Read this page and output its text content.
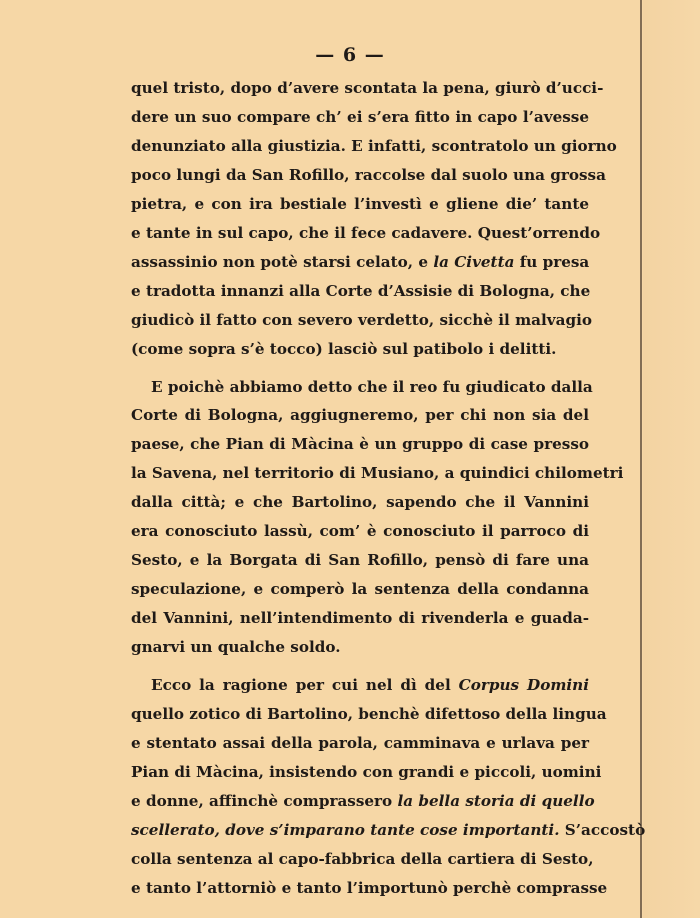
— 6 —
quel tristo, dopo d’avere scontata la pena, giurò d’ucci-
dere un suo compare ch’ ei s’era fitto in capo l’avesse
denunziato alla giustizia. E infatti, scontratolo un giorno
poco lungi da San Rofillo, raccolse dal suolo una grossa
pietra, e con ira bestiale l’investì e gliene die’ tante
e tante in sul capo, che il fece cadavere. Quest’orrendo
assassinio non potè starsi celato, e la Civetta fu presa
e tradotta innanzi alla Corte d’Assisie di Bologna, che
giudicò il fatto con severo verdetto, sicchè il malvagio
(come sopra s’è tocco) lasciò sul patibolo i delitti.
E poichè abbiamo detto che il reo fu giudicato dalla
Corte di Bologna, aggiugneremo, per chi non sia del
paese, che Pian di Màcina è un gruppo di case presso
la Savena, nel territorio di Musiano, a quindici chilometri
dalla città; e che Bartolino, sapendo che il Vannini
era conosciuto lassù, com’ è conosciuto il parroco di
Sesto, e la Borgata di San Rofillo, pensò di fare una
speculazione, e comperò la sentenza della condanna
del Vannini, nell’intendimento di rivenderla e guada-
gnarvi un qualche soldo.
Ecco la ragione per cui nel dì del Corpus Domini
quello zotico di Bartolino, benchè difettoso della lingua
e stentato assai della parola, camminava e urlava per
Pian di Màcina, insistendo con grandi e piccoli, uomini
e donne, affinchè comprassero la bella storia di quello
scellerato, dove s’imparano tante cose importanti. S’accostò
colla sentenza al capo-fabbrica della cartiera di Sesto,
e tanto l’attorniò e tanto l’importunò perchè comprasse
